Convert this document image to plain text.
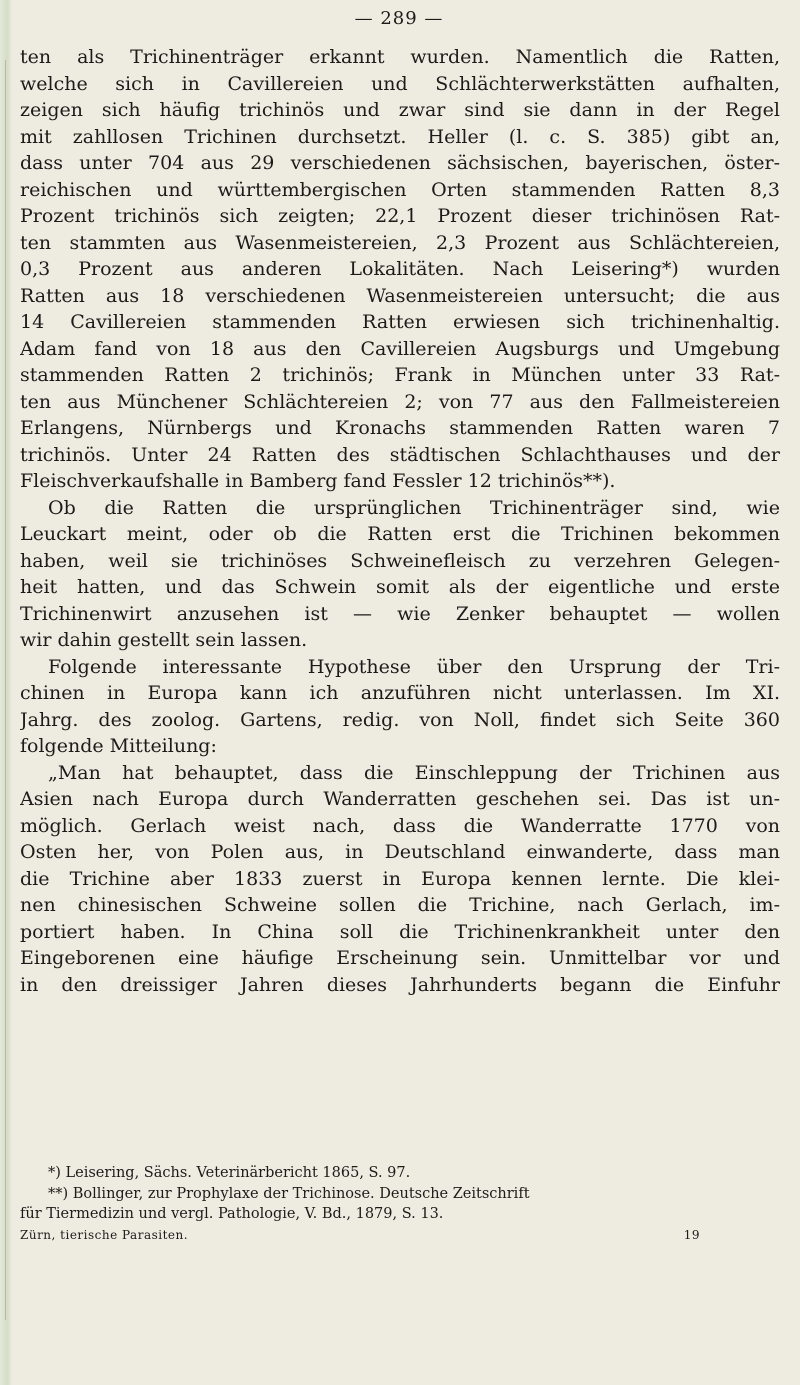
— 289 —
ten als Trichinenträger erkannt wurden. Namentlich die Ratten,
welche sich in Cavillereien und Schlächterwerkstätten aufhalten,
zeigen sich häufig trichinös und zwar sind sie dann in der Regel
mit zahllosen Trichinen durchsetzt. Heller (l. c. S. 385) gibt an,
dass unter 704 aus 29 verschiedenen sächsischen, bayerischen, öster-
reichischen und württembergischen Orten stammenden Ratten 8,3
Prozent trichinös sich zeigten; 22,1 Prozent dieser trichinösen Rat-
ten stammten aus Wasenmeistereien, 2,3 Prozent aus Schlächtereien,
0,3 Prozent aus anderen Lokalitäten. Nach Leisering*) wurden
Ratten aus 18 verschiedenen Wasenmeistereien untersucht; die aus
14 Cavillereien stammenden Ratten erwiesen sich trichinenhaltig.
Adam fand von 18 aus den Cavillereien Augsburgs und Umgebung
stammenden Ratten 2 trichinös; Frank in München unter 33 Rat-
ten aus Münchener Schlächtereien 2; von 77 aus den Fallmeistereien
Erlangens, Nürnbergs und Kronachs stammenden Ratten waren 7
trichinös. Unter 24 Ratten des städtischen Schlachthauses und der
Fleischverkaufshalle in Bamberg fand Fessler 12 trichinös**).
Ob die Ratten die ursprünglichen Trichinenträger sind, wie
Leuckart meint, oder ob die Ratten erst die Trichinen bekommen
haben, weil sie trichinöses Schweinefleisch zu verzehren Gelegen-
heit hatten, und das Schwein somit als der eigentliche und erste
Trichinenwirt anzusehen ist — wie Zenker behauptet — wollen
wir dahin gestellt sein lassen.
Folgende interessante Hypothese über den Ursprung der Tri-
chinen in Europa kann ich anzuführen nicht unterlassen. Im XI.
Jahrg. des zoolog. Gartens, redig. von Noll, findet sich Seite 360
folgende Mitteilung:
„Man hat behauptet, dass die Einschleppung der Trichinen aus
Asien nach Europa durch Wanderratten geschehen sei. Das ist un-
möglich. Gerlach weist nach, dass die Wanderratte 1770 von
Osten her, von Polen aus, in Deutschland einwanderte, dass man
die Trichine aber 1833 zuerst in Europa kennen lernte. Die klei-
nen chinesischen Schweine sollen die Trichine, nach Gerlach, im-
portiert haben. In China soll die Trichinenkrankheit unter den
Eingeborenen eine häufige Erscheinung sein. Unmittelbar vor und
in den dreissiger Jahren dieses Jahrhunderts begann die Einfuhr
*) Leisering, Sächs. Veterinärbericht 1865, S. 97.
**) Bollinger, zur Prophylaxe der Trichinose. Deutsche Zeitschrift
für Tiermedizin und vergl. Pathologie, V. Bd., 1879, S. 13.
Zürn, tierische Parasiten.	19
